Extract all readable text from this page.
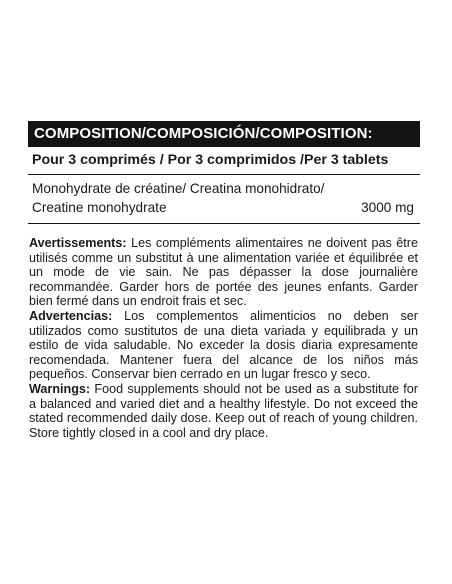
COMPOSITION/COMPOSICIÓN/COMPOSITION:
Pour 3 comprimés / Por 3 comprimidos /Per 3 tablets
Monohydrate de créatine/ Creatina monohidrato/
Creatine monohydrate	3000 mg

Avertissements: Les compléments alimentaires ne doivent pas être utilisés comme un substitut à une alimentation variée et équilibrée et un mode de vie sain. Ne pas dépasser la dose journalière recommandée. Garder hors de portée des jeunes enfants. Garder bien fermé dans un endroit frais et sec.

Advertencias: Los complementos alimenticios no deben ser utilizados como sustitutos de una dieta variada y equilibrada y un estilo de vida saludable. No exceder la dosis diaria expresamente recomendada. Mantener fuera del alcance de los niños más pequeños. Conservar bien cerrado en un lugar fresco y seco.

Warnings: Food supplements should not be used as a substitute for a balanced and varied diet and a healthy lifestyle. Do not exceed the stated recommended daily dose. Keep out of reach of young children. Store tightly closed in a cool and dry place.
